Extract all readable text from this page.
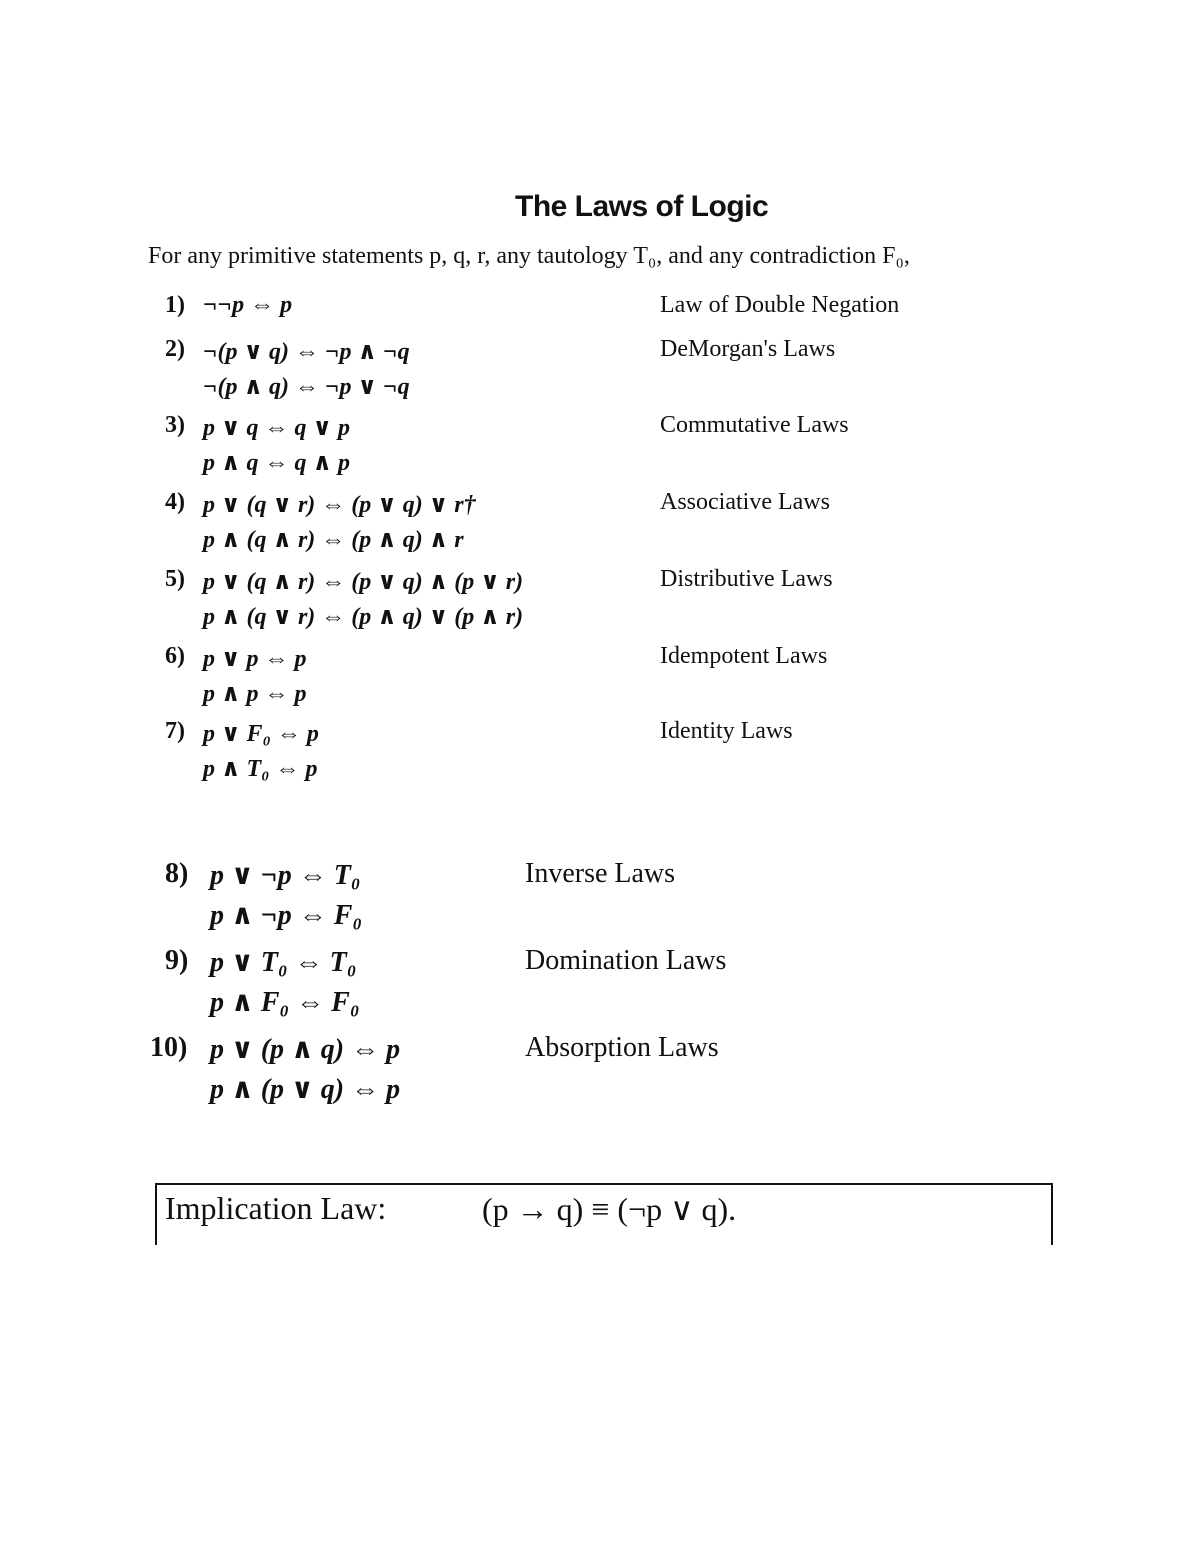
The Laws of Logic
For any primitive statements p, q, r, any tautology T₀, and any contradiction F₀,
1) ¬¬p ⇔ p	Law of Double Negation
2) ¬(p ∨ q) ⇔ ¬p ∧ ¬q
¬(p ∧ q) ⇔ ¬p ∨ ¬q
DeMorgan's Laws
3) p ∨ q ⇔ q ∨ p
p ∧ q ⇔ q ∧ p
Commutative Laws
4) p ∨ (q ∨ r) ⇔ (p ∨ q) ∨ r†
p ∧ (q ∧ r) ⇔ (p ∧ q) ∧ r
Associative Laws
5) p ∨ (q ∧ r) ⇔ (p ∨ q) ∧ (p ∨ r)
p ∧ (q ∨ r) ⇔ (p ∧ q) ∨ (p ∧ r)
Distributive Laws
6) p ∨ p ⇔ p
p ∧ p ⇔ p
Idempotent Laws
7) p ∨ F₀ ⇔ p
p ∧ T₀ ⇔ p
Identity Laws
8) p ∨ ¬p ⇔ T₀
p ∧ ¬p ⇔ F₀
Inverse Laws
9) p ∨ T₀ ⇔ T₀
p ∧ F₀ ⇔ F₀
Domination Laws
10) p ∨ (p ∧ q) ⇔ p
p ∧ (p ∨ q) ⇔ p
Absorption Laws
Implication Law:	(p → q) ≡ (¬p ∨ q).
